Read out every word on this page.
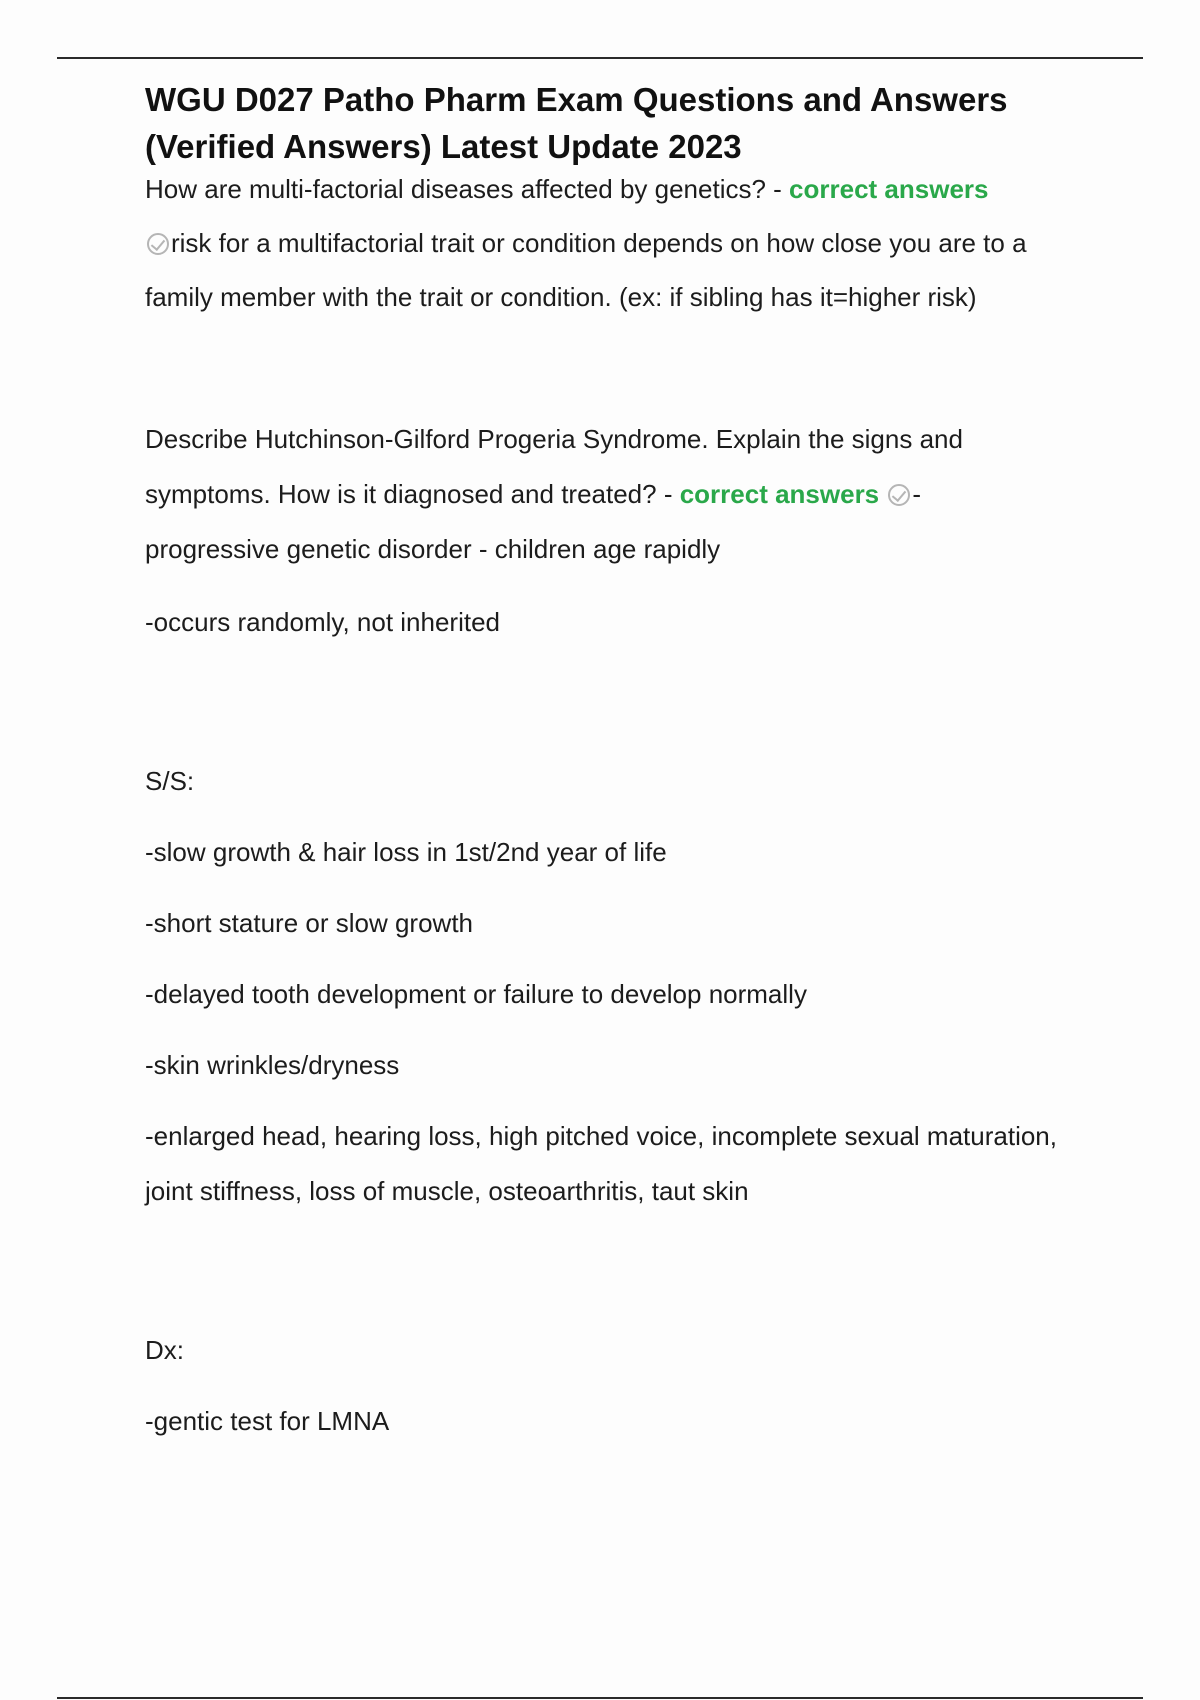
WGU D027 Patho Pharm Exam Questions and Answers
(Verified Answers) Latest Update 2023

How are multi-factorial diseases affected by genetics? - correct answers
risk for a multifactorial trait or condition depends on how close you are to a family member with the trait or condition. (ex: if sibling has it=higher risk)

Describe Hutchinson-Gilford Progeria Syndrome. Explain the signs and symptoms. How is it diagnosed and treated? - correct answers -
progressive genetic disorder - children age rapidly

-occurs randomly, not inherited

S/S:

-slow growth & hair loss in 1st/2nd year of life

-short stature or slow growth

-delayed tooth development or failure to develop normally

-skin wrinkles/dryness

-enlarged head, hearing loss, high pitched voice, incomplete sexual maturation, joint stiffness, loss of muscle, osteoarthritis, taut skin

Dx:

-gentic test for LMNA
